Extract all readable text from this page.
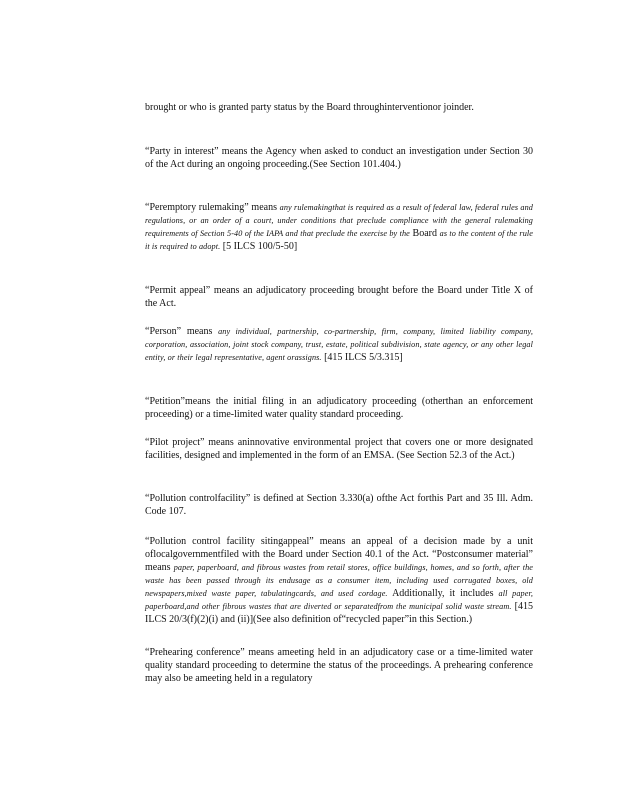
brought or who is granted party status by the Board throughinterventionor joinder.
“Party in interest” means the Agency when asked to conduct an investigation under Section 30 of the Act during an ongoing proceeding.(See Section 101.404.)
“Peremptory rulemaking” means any rulemakingthat is required as a result of federal law, federal rules and regulations, or an order of a court, under conditions that preclude compliance with the general rulemaking requirements of Section 5-40 of the IAPA and that preclude the exercise by the Board as to the content of the rule it is required to adopt. [5 ILCS 100/5-50]
“Permit appeal” means an adjudicatory proceeding brought before the Board under Title X of the Act.
“Person” means any individual, partnership, co-partnership, firm, company, limited liability company, corporation, association, joint stock company, trust, estate, political subdivision, state agency, or any other legal entity, or their legal representative, agent orassigns. [415 ILCS 5/3.315]
“Petition”means the initial filing in an adjudicatory proceeding (otherthan an enforcement proceeding) or a time-limited water quality standard proceeding.
“Pilot project” means aninnovative environmental project that covers one or more designated facilities, designed and implemented in the form of an EMSA. (See Section 52.3 of the Act.)
“Pollution controlfacility” is defined at Section 3.330(a) ofthe Act forthis Part and 35 Ill. Adm. Code 107.
“Pollution control facility sitingappeal” means an appeal of a decision made by a unit oflocalgovernmentfiled with the Board under Section 40.1 of the Act. “Postconsumer material” means paper, paperboard, and fibrous wastes from retail stores, office buildings, homes, and so forth, after the waste has been passed through its endusage as a consumer item, including used corrugated boxes, old newspapers,mixed waste paper, tabulatingcards, and used cordage. Additionally, it includes all paper, paperboard,and other fibrous wastes that are diverted or separatedfrom the municipal solid waste stream. [415 ILCS 20/3(f)(2)(i) and (ii)](See also definition of“recycled paper”in this Section.)
“Prehearing conference” means ameeting held in an adjudicatory case or a time-limited water quality standard proceeding to determine the status of the proceedings. A prehearing conference may also be ameeting held in a regulatory
